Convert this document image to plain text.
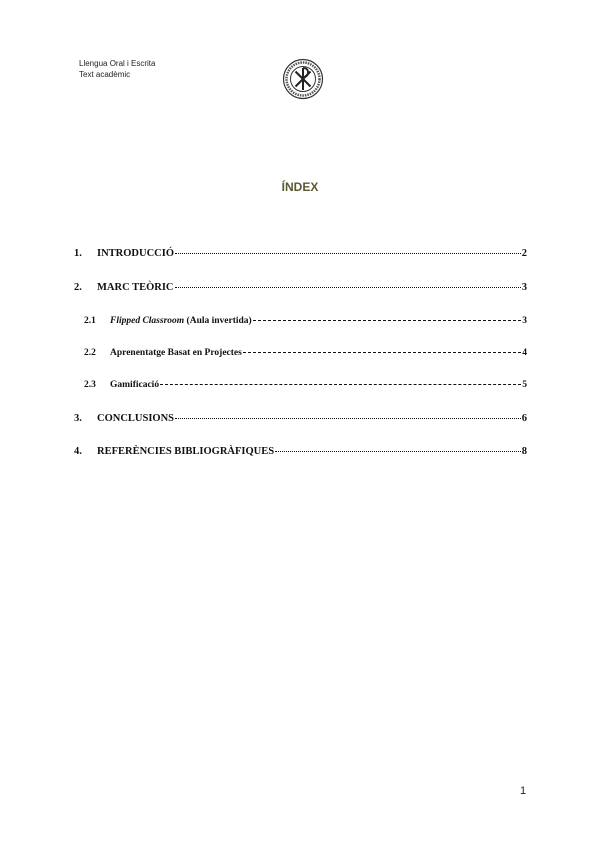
Llengua Oral i Escrita
Text acadèmic
ÍNDEX
1.	INTRODUCCIÓ	2
2.	MARC TEÒRIC	3
2.1	Flipped Classroom (Aula invertida)	3
2.2	Aprenentatge Basat en Projectes	4
2.3	Gamificació	5
3.	CONCLUSIONS	6
4.	REFERÈNCIES BIBLIOGRÀFIQUES	8
1
